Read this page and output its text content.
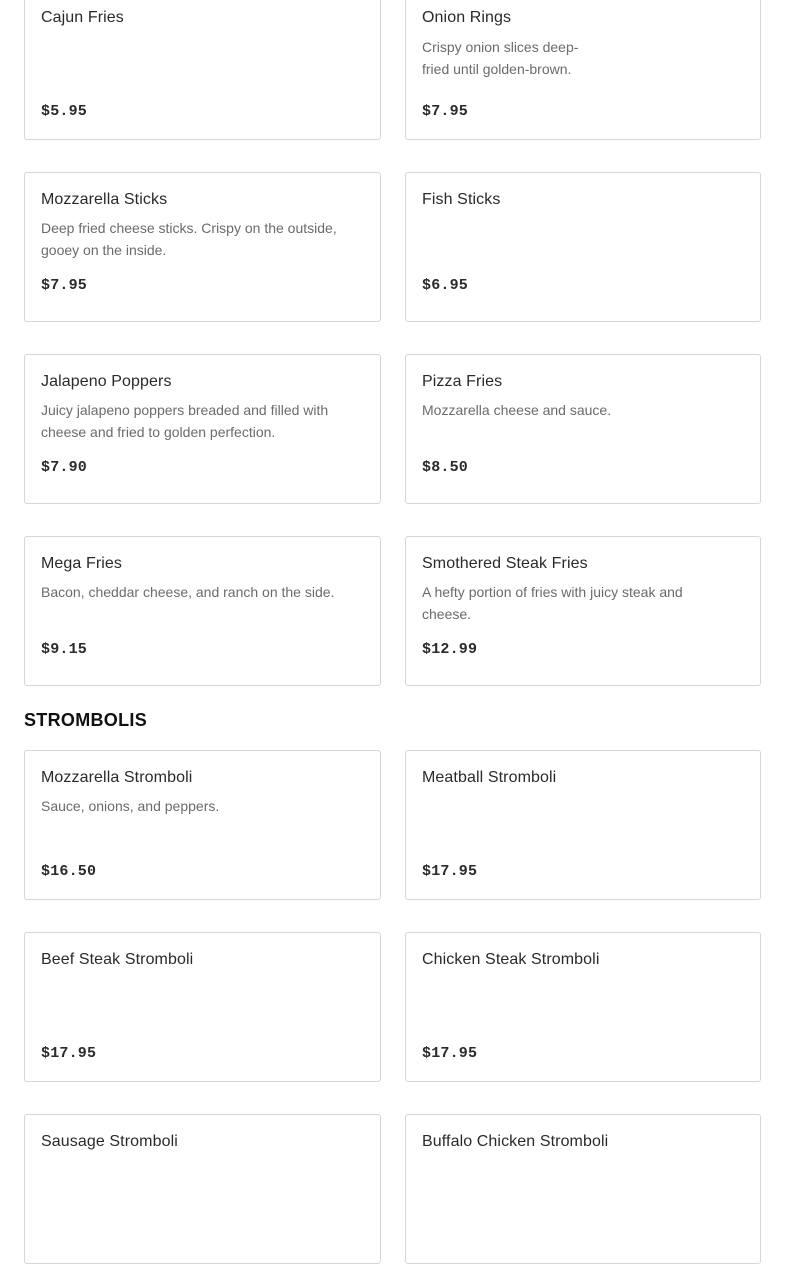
Cajun Fries
$5.95
Onion Rings
Crispy onion slices deep-fried until golden-brown.
$7.95
Mozzarella Sticks
Deep fried cheese sticks. Crispy on the outside, gooey on the inside.
$7.95
Fish Sticks
$6.95
Jalapeno Poppers
Juicy jalapeno poppers breaded and filled with cheese and fried to golden perfection.
$7.90
Pizza Fries
Mozzarella cheese and sauce.
$8.50
Mega Fries
Bacon, cheddar cheese, and ranch on the side.
$9.15
Smothered Steak Fries
A hefty portion of fries with juicy steak and cheese.
$12.99
STROMBOLIS
Mozzarella Stromboli
Sauce, onions, and peppers.
$16.50
Meatball Stromboli
$17.95
Beef Steak Stromboli
$17.95
Chicken Steak Stromboli
$17.95
Sausage Stromboli	Buffalo Chicken Stromboli
